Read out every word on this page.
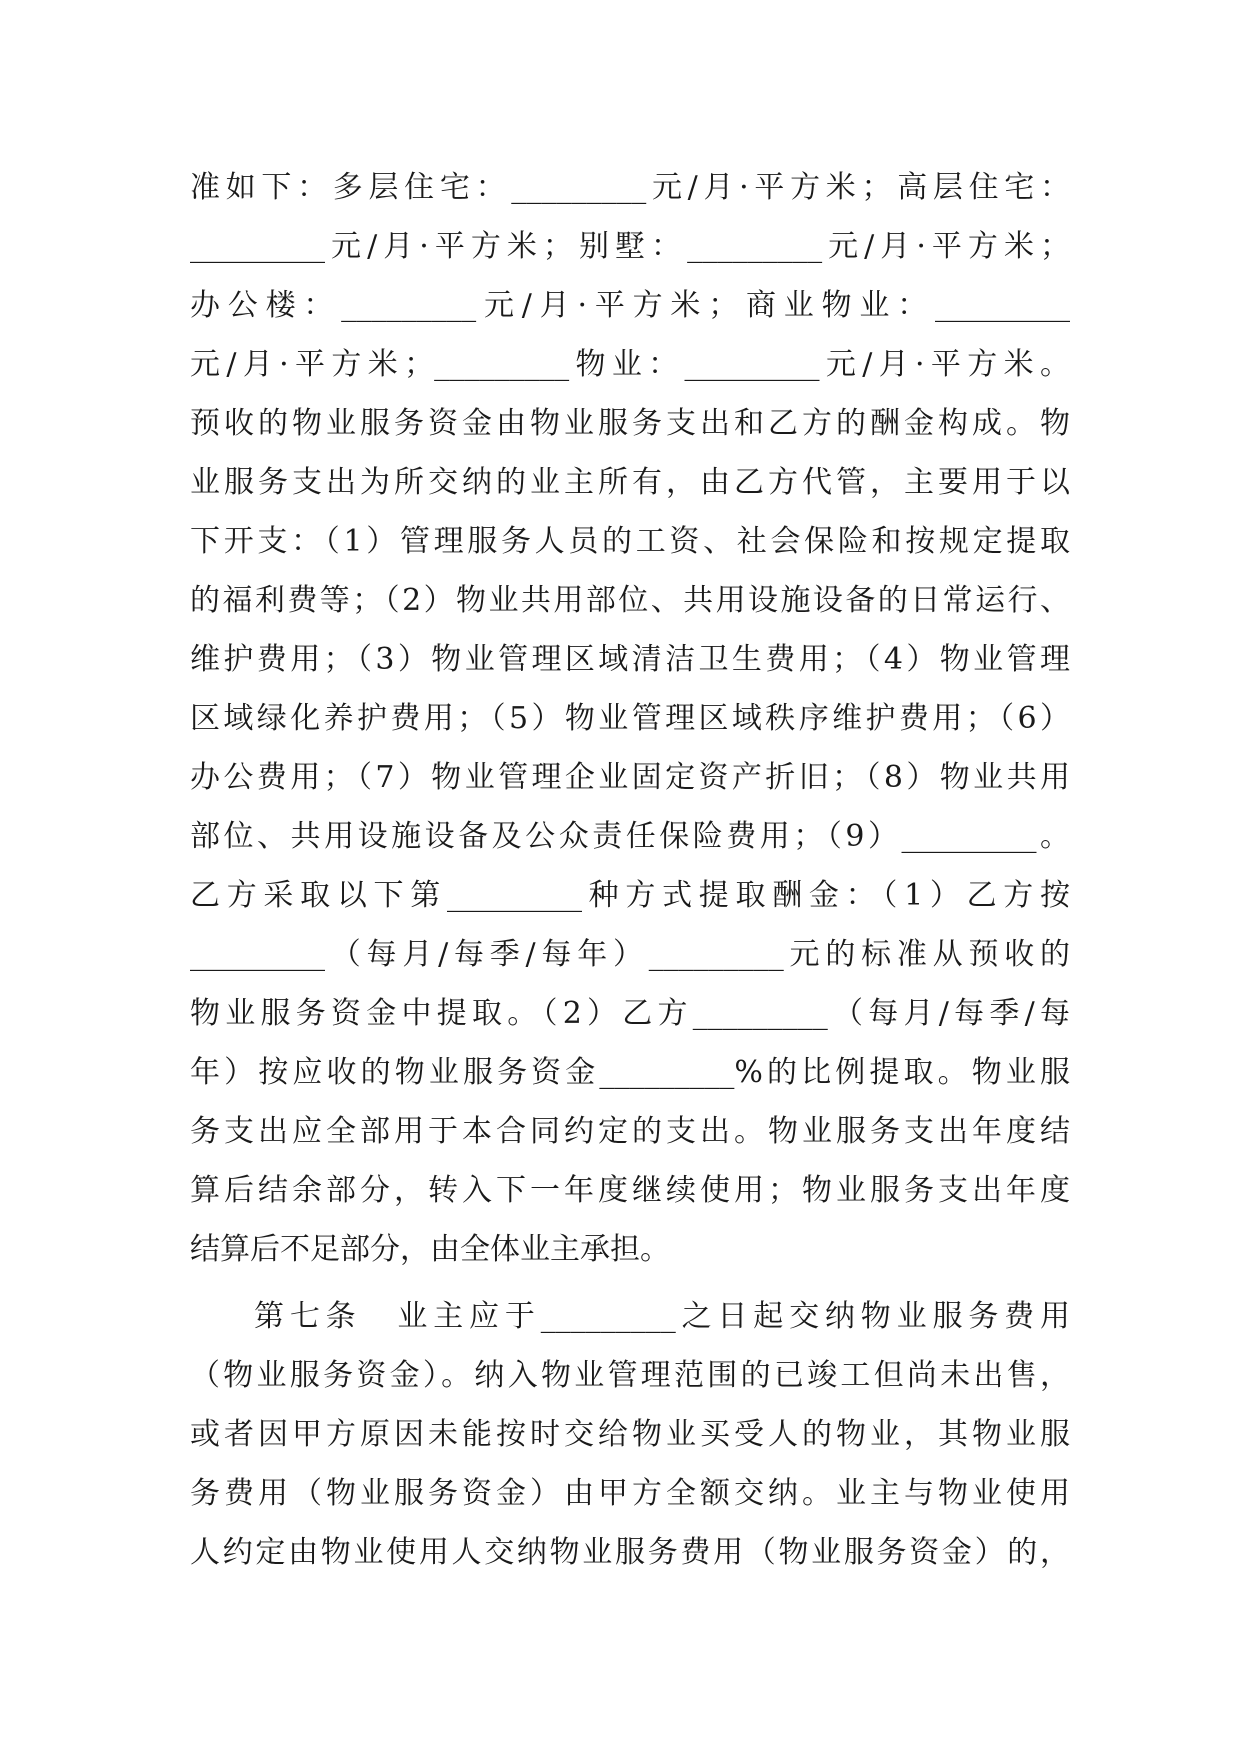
准如下：多层住宅：_________元/月·平方米；高层住宅：
_________元/月·平方米；别墅：_________元/月·平方米；
办公楼：_________元/月·平方米；商业物业：_________
元/月·平方米；_________物业：_________元/月·平方米。
预收的物业服务资金由物业服务支出和乙方的酬金构成。物
业服务支出为所交纳的业主所有，由乙方代管，主要用于以
下开支：（1）管理服务人员的工资、社会保险和按规定提取
的福利费等；（2）物业共用部位、共用设施设备的日常运行、
维护费用；（3）物业管理区域清洁卫生费用；（4）物业管理
区域绿化养护费用；（5）物业管理区域秩序维护费用；（6）
办公费用；（7）物业管理企业固定资产折旧；（8）物业共用
部位、共用设施设备及公众责任保险费用；（9）_________。
乙方采取以下第_________种方式提取酬金：（1）乙方按
_________（每月/每季/每年）_________元的标准从预收的
物业服务资金中提取。（2）乙方_________（每月/每季/每
年）按应收的物业服务资金_________%的比例提取。物业服
务支出应全部用于本合同约定的支出。物业服务支出年度结
算后结余部分，转入下一年度继续使用；物业服务支出年度
结算后不足部分，由全体业主承担。
第七条　业主应于_________之日起交纳物业服务费用
（物业服务资金）。纳入物业管理范围的已竣工但尚未出售，
或者因甲方原因未能按时交给物业买受人的物业，其物业服
务费用（物业服务资金）由甲方全额交纳。业主与物业使用
人约定由物业使用人交纳物业服务费用（物业服务资金）的，
